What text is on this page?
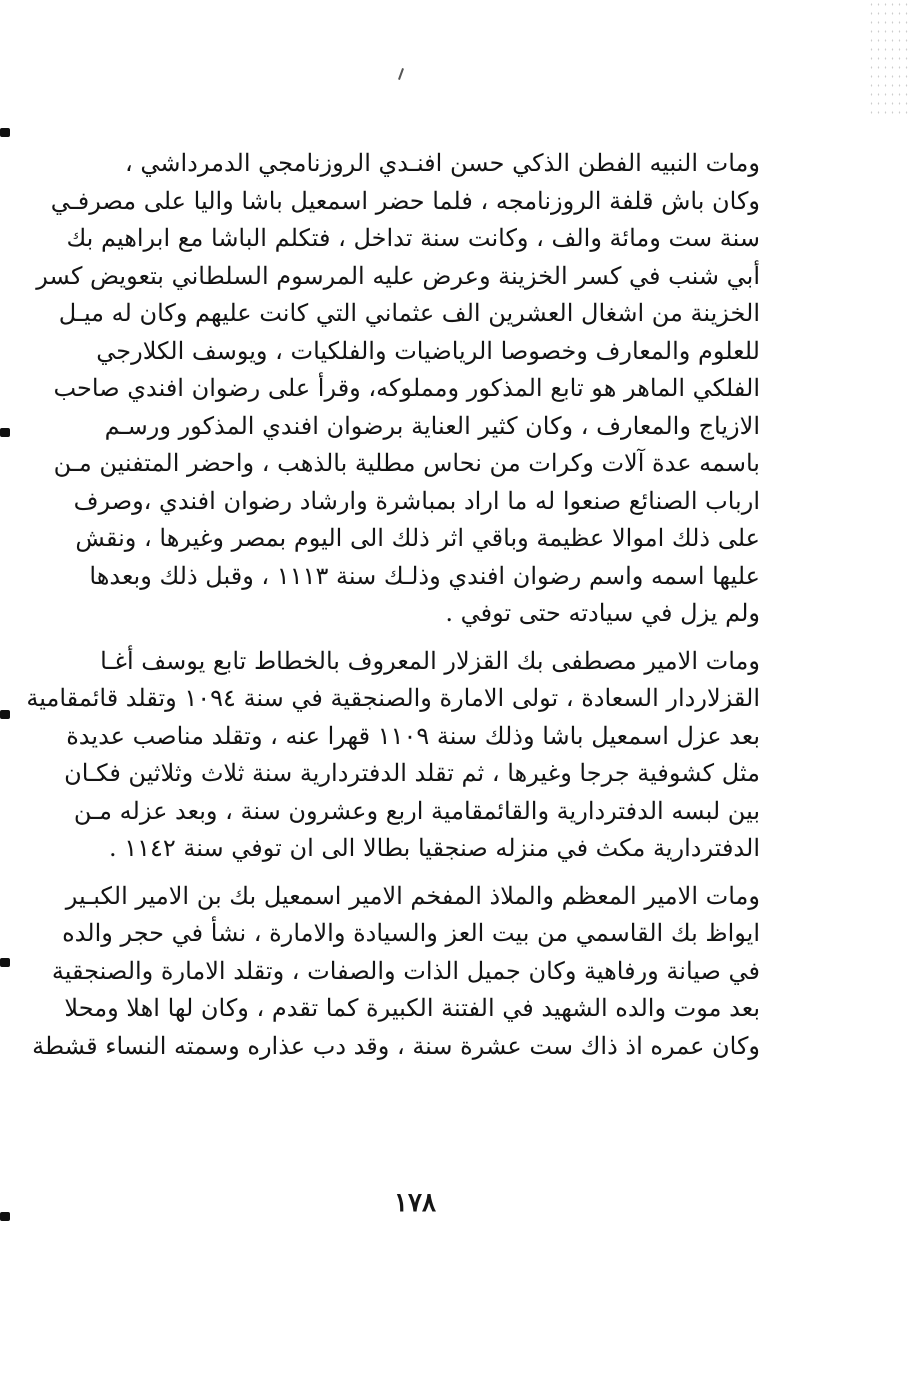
ومات النبيه الفطن الذكي حسن افنـدي الروزنامجي الدمرداشي ،
وكان باش قلفة الروزنامجه ، فلما حضر اسمعيل باشا واليا على مصرفـي
سنة ست ومائة والف ، وكانت سنة تداخل ، فتكلم الباشا مع ابراهيم بك
أبي شنب في كسر الخزينة وعرض عليه المرسوم السلطاني بتعويض كسر
الخزينة من اشغال العشرين الف عثماني التي كانت عليهم وكان له ميـل
للعلوم والمعارف وخصوصا الرياضيات والفلكيات ، ويوسف الكلارجي
الفلكي الماهر هو تابع المذكور ومملوكه، وقرأ على رضوان افندي صاحب
الازياج والمعارف ، وكان كثير العناية برضوان افندي المذكور ورسـم
باسمه عدة آلات وكرات من نحاس مطلية بالذهب ، واحضر المتفنين مـن
ارباب الصنائع صنعوا له ما اراد بمباشرة وارشاد رضوان افندي ،وصرف
على ذلك اموالا عظيمة وباقي اثر ذلك الى اليوم بمصر وغيرها ، ونقش
عليها اسمه واسم رضوان افندي وذلـك سنة ١١١٣ ، وقبل ذلك وبعدها
ولم يزل في سيادته حتى توفي .

ومات الامير مصطفى بك القزلار المعروف بالخطاط تابع يوسف أغـا
القزلاردار السعادة ، تولى الامارة والصنجقية في سنة ١٠٩٤ وتقلد قائمقامية
بعد عزل اسمعيل باشا وذلك سنة ١١٠٩ قهرا عنه ، وتقلد مناصب عديدة
مثل كشوفية جرجا وغيرها ، ثم تقلد الدفتردارية سنة ثلاث وثلاثين فكـان
بين لبسه الدفتردارية والقائمقامية اربع وعشرون سنة ، وبعد عزله مـن
الدفتردارية مكث في منزله صنجقيا بطالا الى ان توفي سنة ١١٤٢ .

ومات الامير المعظم والملاذ المفخم الامير اسمعيل بك بن الامير الكبـير
ايواظ بك القاسمي من بيت العز والسيادة والامارة ، نشأ في حجر والده
في صيانة ورفاهية وكان جميل الذات والصفات ، وتقلد الامارة والصنجقية
بعد موت والده الشهيد في الفتنة الكبيرة كما تقدم ، وكان لها اهلا ومحلا
وكان عمره اذ ذاك ست عشرة سنة ، وقد دب عذاره وسمته النساء قشطة

١٧٨
